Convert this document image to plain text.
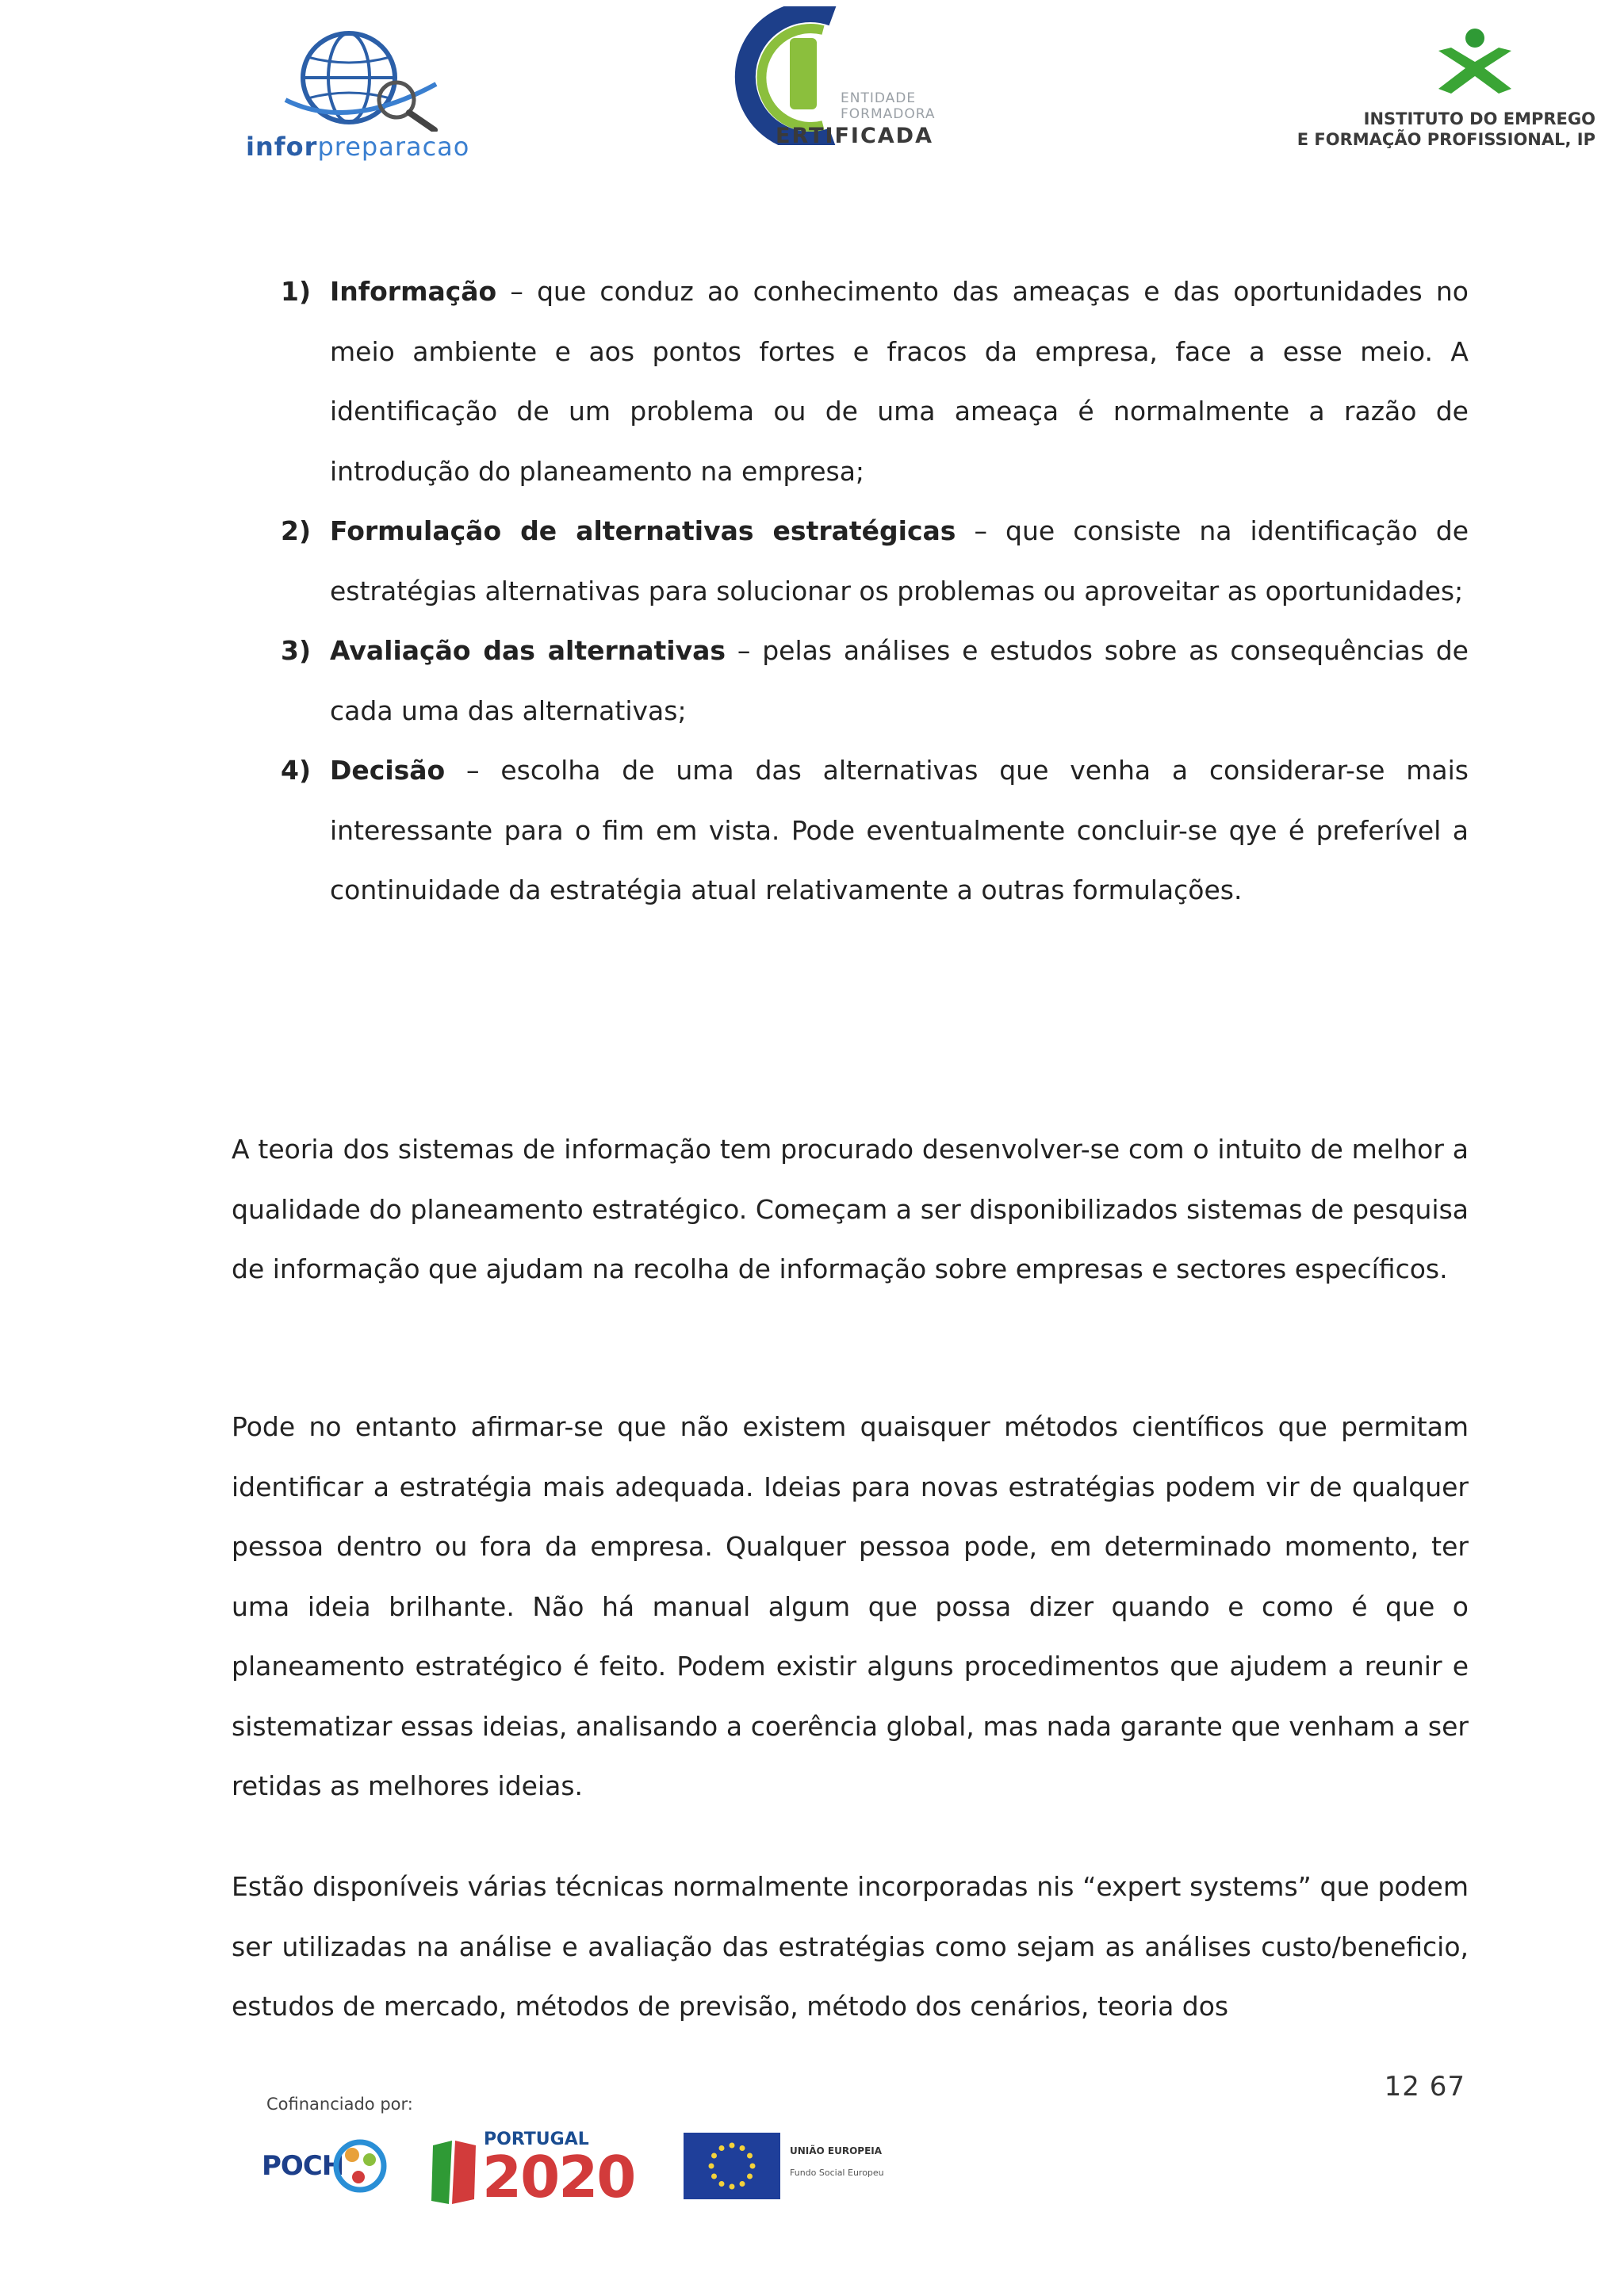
inforpreparacao
ENTIDADE
FORMADORA
ERTIFICADA
INSTITUTO DO EMPREGO
E FORMAÇÃO PROFISSIONAL, IP
1) Informação – que conduz ao conhecimento das ameaças e das oportunidades no meio ambiente e aos pontos fortes e fracos da empresa, face a esse meio. A identificação de um problema ou de uma ameaça é normalmente a razão de introdução do planeamento na empresa;
2) Formulação de alternativas estratégicas – que consiste na identificação de estratégias alternativas para solucionar os problemas ou aproveitar as oportunidades;
3) Avaliação das alternativas – pelas análises e estudos sobre as consequências de cada uma das alternativas;
4) Decisão – escolha de uma das alternativas que venha a considerar-se mais interessante para o fim em vista. Pode eventualmente concluir-se qye é preferível a continuidade da estratégia atual relativamente a outras formulações.

A teoria dos sistemas de informação tem procurado desenvolver-se com o intuito de melhor a qualidade do planeamento estratégico. Começam a ser disponibilizados sistemas de pesquisa de informação que ajudam na recolha de informação sobre empresas e sectores específicos.

Pode no entanto afirmar-se que não existem quaisquer métodos científicos que permitam identificar a estratégia mais adequada. Ideias para novas estratégias podem vir de qualquer pessoa dentro ou fora da empresa. Qualquer pessoa pode, em determinado momento, ter uma ideia brilhante. Não há manual algum que possa dizer quando e como é que o planeamento estratégico é feito. Podem existir alguns procedimentos que ajudem a reunir e sistematizar essas ideias, analisando a coerência global, mas nada garante que venham a ser retidas as melhores ideias.

Estão disponíveis várias técnicas normalmente incorporadas nis “expert systems” que podem ser utilizadas na análise e avaliação das estratégias como sejam as análises custo/beneficio, estudos de mercado, métodos de previsão, método dos cenários, teoria dos

12 67
Cofinanciado por:
POCH
PORTUGAL
2020	UNIÃO EUROPEIA
Fundo Social Europeu
